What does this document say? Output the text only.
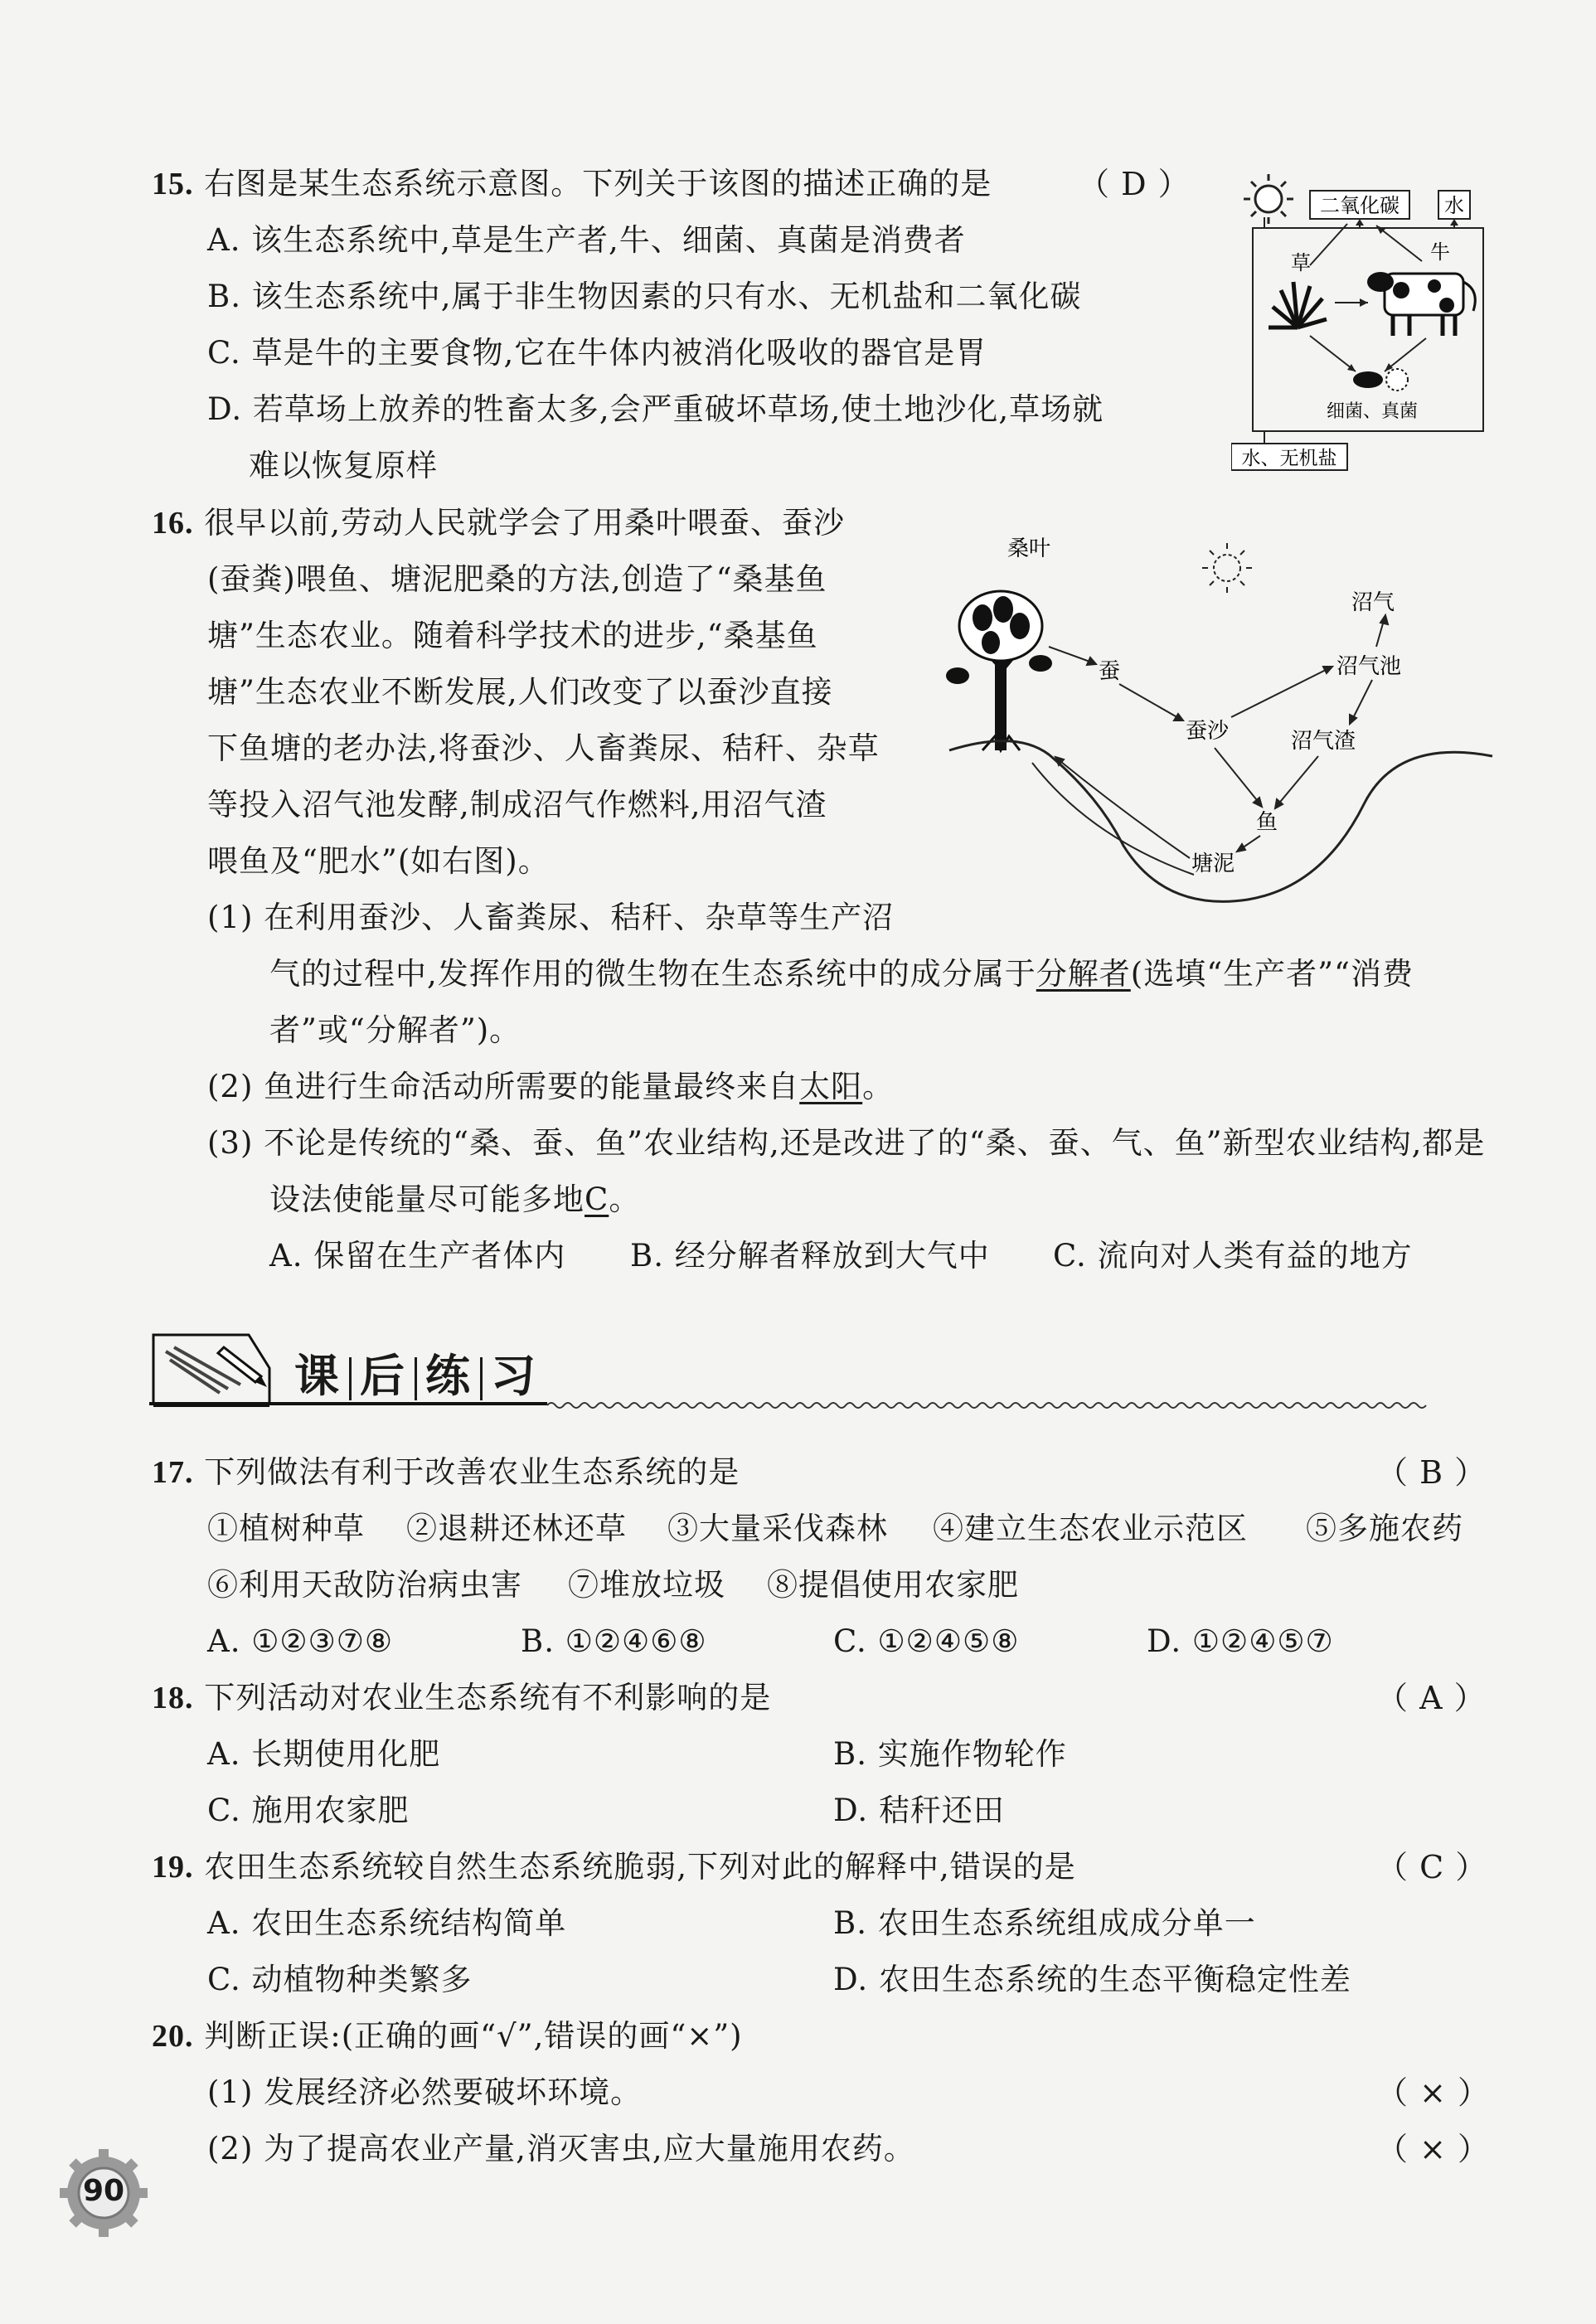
15. 右图是某生态系统示意图。下列关于该图的描述正确的是	（ D ）
A. 该生态系统中,草是生产者,牛、细菌、真菌是消费者
B. 该生态系统中,属于非生物因素的只有水、无机盐和二氧化碳
C. 草是牛的主要食物,它在牛体内被消化吸收的器官是胃
D. 若草场上放养的牲畜太多,会严重破坏草场,使土地沙化,草场就
难以恢复原样
二氧化碳 水
草	牛
细菌、真菌
水、无机盐
16. 很早以前,劳动人民就学会了用桑叶喂蚕、蚕沙
(蚕粪)喂鱼、塘泥肥桑的方法,创造了“桑基鱼
塘”生态农业。随着科学技术的进步,“桑基鱼
塘”生态农业不断发展,人们改变了以蚕沙直接
下鱼塘的老办法,将蚕沙、人畜粪尿、秸秆、杂草
等投入沼气池发酵,制成沼气作燃料,用沼气渣
喂鱼及“肥水”(如右图)。
桑叶
蚕
蚕沙
沼气
沼气池
沼气渣
鱼
塘泥
(1) 在利用蚕沙、人畜粪尿、秸秆、杂草等生产沼
气的过程中,发挥作用的微生物在生态系统中的成分属于分解者(选填“生产者”“消费
者”或“分解者”)。
(2) 鱼进行生命活动所需要的能量最终来自太阳。
(3) 不论是传统的“桑、蚕、鱼”农业结构,还是改进了的“桑、蚕、气、鱼”新型农业结构,都是
设法使能量尽可能多地C。
A. 保留在生产者体内 B. 经分解者释放到大气中 C. 流向对人类有益的地方
课 后 练 习
17. 下列做法有利于改善农业生态系统的是	（ B ）
①植树种草 ②退耕还林还草 ③大量采伐森林 ④建立生态农业示范区 ⑤多施农药
⑥利用天敌防治病虫害 ⑦堆放垃圾 ⑧提倡使用农家肥
A. ①②③⑦⑧	B. ①②④⑥⑧	C. ①②④⑤⑧	D. ①②④⑤⑦
18. 下列活动对农业生态系统有不利影响的是	（ A ）
A. 长期使用化肥	B. 实施作物轮作
C. 施用农家肥	D. 秸秆还田
19. 农田生态系统较自然生态系统脆弱,下列对此的解释中,错误的是	（ C ）
A. 农田生态系统结构简单	B. 农田生态系统组成成分单一
C. 动植物种类繁多	D. 农田生态系统的生态平衡稳定性差
20. 判断正误:(正确的画“√”,错误的画“×”)
(1) 发展经济必然要破坏环境。	（ × ）
(2) 为了提高农业产量,消灭害虫,应大量施用农药。	（ × ）
90
